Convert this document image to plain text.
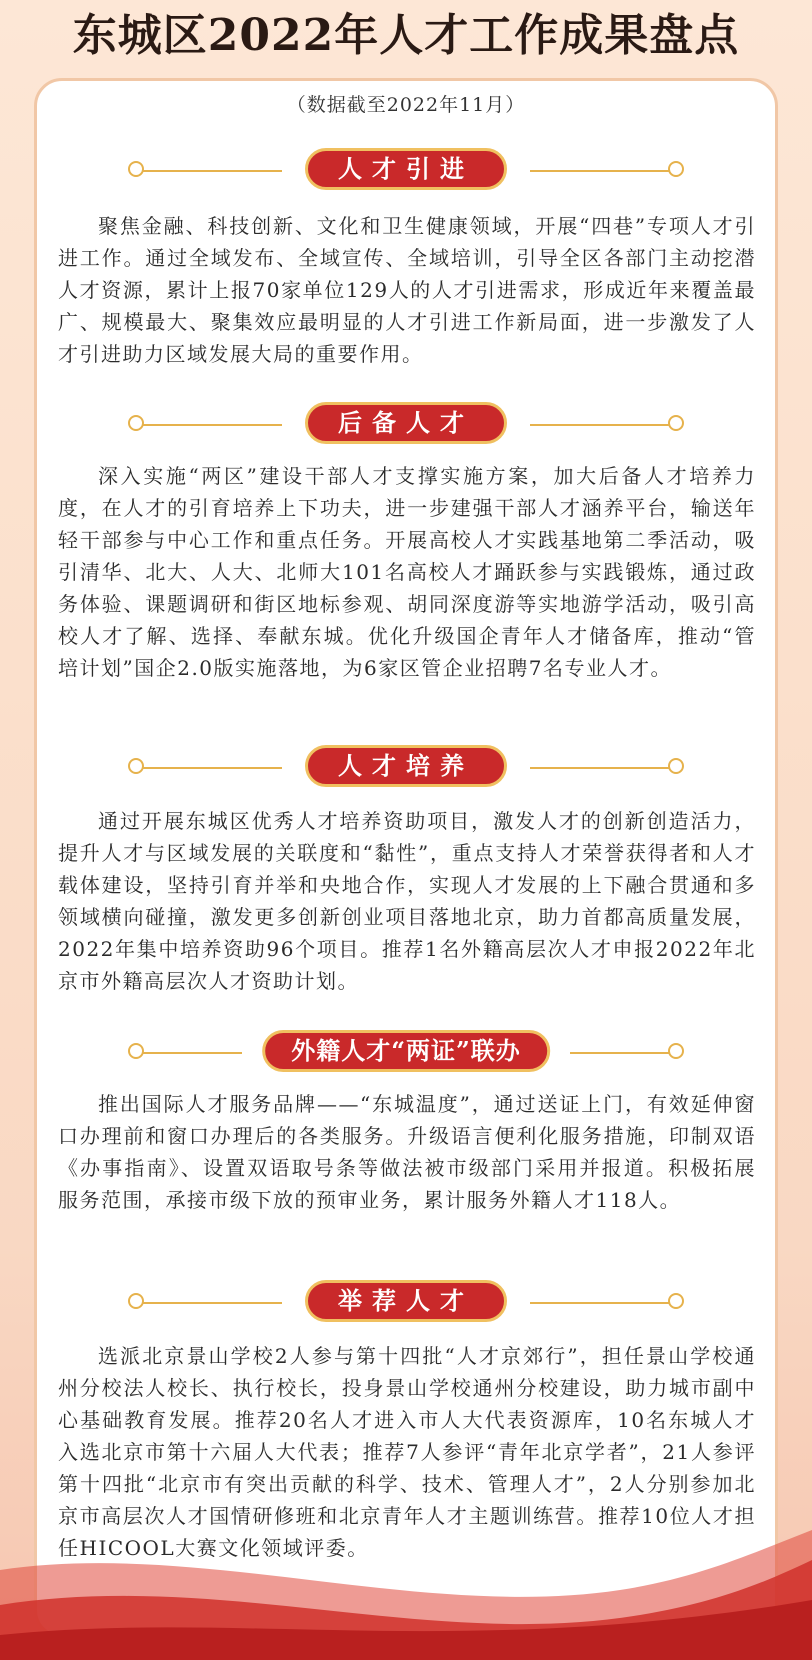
东城区2022年人才工作成果盘点
（数据截至2022年11月）
人才引进
聚焦金融、科技创新、文化和卫生健康领域，开展“四巷”专项人才引进工作。通过全域发布、全域宣传、全域培训，引导全区各部门主动挖潜人才资源，累计上报70家单位129人的人才引进需求，形成近年来覆盖最广、规模最大、聚集效应最明显的人才引进工作新局面，进一步激发了人才引进助力区域发展大局的重要作用。
后备人才
深入实施“两区”建设干部人才支撑实施方案，加大后备人才培养力度，在人才的引育培养上下功夫，进一步建强干部人才涵养平台，输送年轻干部参与中心工作和重点任务。开展高校人才实践基地第二季活动，吸引清华、北大、人大、北师大101名高校人才踊跃参与实践锻炼，通过政务体验、课题调研和街区地标参观、胡同深度游等实地游学活动，吸引高校人才了解、选择、奉献东城。优化升级国企青年人才储备库，推动“管培计划”国企2.0版实施落地，为6家区管企业招聘7名专业人才。
人才培养
通过开展东城区优秀人才培养资助项目，激发人才的创新创造活力，提升人才与区域发展的关联度和“黏性”，重点支持人才荣誉获得者和人才载体建设，坚持引育并举和央地合作，实现人才发展的上下融合贯通和多领域横向碰撞，激发更多创新创业项目落地北京，助力首都高质量发展，2022年集中培养资助96个项目。推荐1名外籍高层次人才申报2022年北京市外籍高层次人才资助计划。
外籍人才“两证”联办
推出国际人才服务品牌——“东城温度”，通过送证上门，有效延伸窗口办理前和窗口办理后的各类服务。升级语言便利化服务措施，印制双语《办事指南》、设置双语取号条等做法被市级部门采用并报道。积极拓展服务范围，承接市级下放的预审业务，累计服务外籍人才118人。
举荐人才
选派北京景山学校2人参与第十四批“人才京郊行”，担任景山学校通州分校法人校长、执行校长，投身景山学校通州分校建设，助力城市副中心基础教育发展。推荐20名人才进入市人大代表资源库，10名东城人才入选北京市第十六届人大代表；推荐7人参评“青年北京学者”，21人参评第十四批“北京市有突出贡献的科学、技术、管理人才”，2人分别参加北京市高层次人才国情研修班和北京青年人才主题训练营。推荐10位人才担任HICOOL大赛文化领域评委。
